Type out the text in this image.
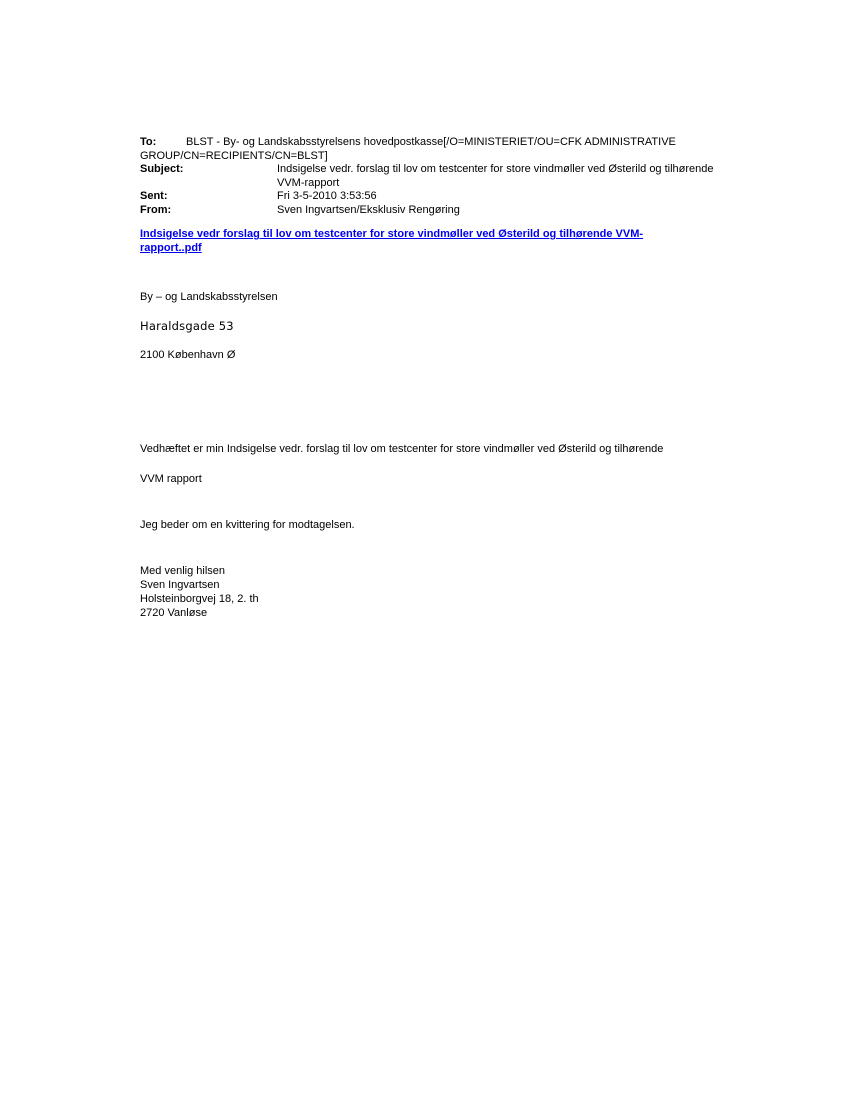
To:	BLST - By- og Landskabsstyrelsens hovedpostkasse[/O=MINISTERIET/OU=CFK ADMINISTRATIVE GROUP/CN=RECIPIENTS/CN=BLST]
Subject:	Indsigelse vedr. forslag til lov om testcenter for store vindmøller ved Østerild og tilhørende VVM-rapport
Sent:	Fri 3-5-2010 3:53:56
From:	Sven Ingvartsen/Eksklusiv Rengøring
Indsigelse vedr forslag til lov om testcenter for store vindmøller ved Østerild og tilhørende VVM-rapport..pdf

By – og Landskabsstyrelsen

Haraldsgade 53

2100 København Ø

Vedhæftet er min Indsigelse vedr. forslag til lov om testcenter for store vindmøller ved Østerild og tilhørende

VVM rapport

Jeg beder om en kvittering for modtagelsen.

Med venlig hilsen

Sven Ingvartsen

Holsteinborgvej 18, 2. th

2720 Vanløse
